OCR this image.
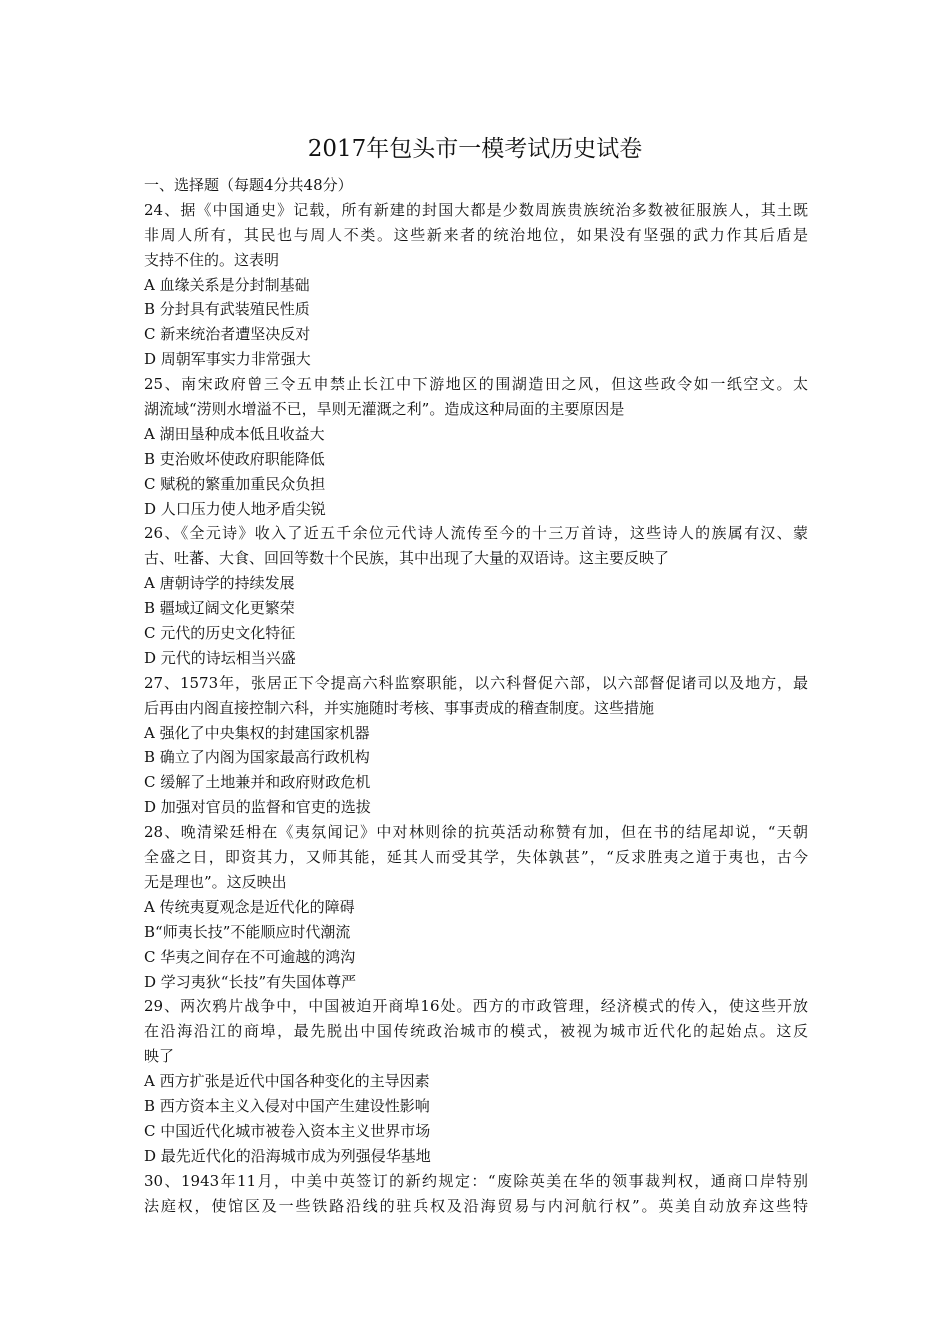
2017年包头市一模考试历史试卷
一、选择题（每题4分共48分）
24、据《中国通史》记载，所有新建的封国大都是少数周族贵族统治多数被征服族人，其土既
非周人所有，其民也与周人不类。这些新来者的统治地位，如果没有坚强的武力作其后盾是
支持不住的。这表明
A 血缘关系是分封制基础
B 分封具有武装殖民性质
C 新来统治者遭坚决反对
D 周朝军事实力非常强大
25、南宋政府曾三令五申禁止长江中下游地区的围湖造田之风，但这些政令如一纸空文。太
湖流域“涝则水增溢不已，旱则无灌溉之利”。造成这种局面的主要原因是
A 湖田垦种成本低且收益大
B 吏治败坏使政府职能降低
C 赋税的繁重加重民众负担
D 人口压力使人地矛盾尖锐
26、《全元诗》收入了近五千余位元代诗人流传至今的十三万首诗，这些诗人的族属有汉、蒙
古、吐蕃、大食、回回等数十个民族，其中出现了大量的双语诗。这主要反映了
A 唐朝诗学的持续发展
B 疆域辽阔文化更繁荣
C 元代的历史文化特征
D 元代的诗坛相当兴盛
27、1573年，张居正下令提高六科监察职能，以六科督促六部，以六部督促诸司以及地方，最
后再由内阁直接控制六科，并实施随时考核、事事责成的稽查制度。这些措施
A 强化了中央集权的封建国家机器
B 确立了内阁为国家最高行政机构
C 缓解了土地兼并和政府财政危机
D 加强对官员的监督和官吏的选拔
28、晚清梁廷枏在《夷氛闻记》中对林则徐的抗英活动称赞有加，但在书的结尾却说，“天朝
全盛之日，即资其力，又师其能，延其人而受其学，失体孰甚”，“反求胜夷之道于夷也，古今
无是理也”。这反映出
A 传统夷夏观念是近代化的障碍
B“师夷长技”不能顺应时代潮流
C 华夷之间存在不可逾越的鸿沟
D 学习夷狄“长技”有失国体尊严
29、两次鸦片战争中，中国被迫开商埠16处。西方的市政管理，经济模式的传入，使这些开放
在沿海沿江的商埠，最先脱出中国传统政治城市的模式，被视为城市近代化的起始点。这反
映了
A 西方扩张是近代中国各种变化的主导因素
B 西方资本主义入侵对中国产生建设性影响
C 中国近代化城市被卷入资本主义世界市场
D 最先近代化的沿海城市成为列强侵华基地
30、1943年11月，中美中英签订的新约规定：“废除英美在华的领事裁判权，通商口岸特别
法庭权，使馆区及一些铁路沿线的驻兵权及沿海贸易与内河航行权”。英美自动放弃这些特
